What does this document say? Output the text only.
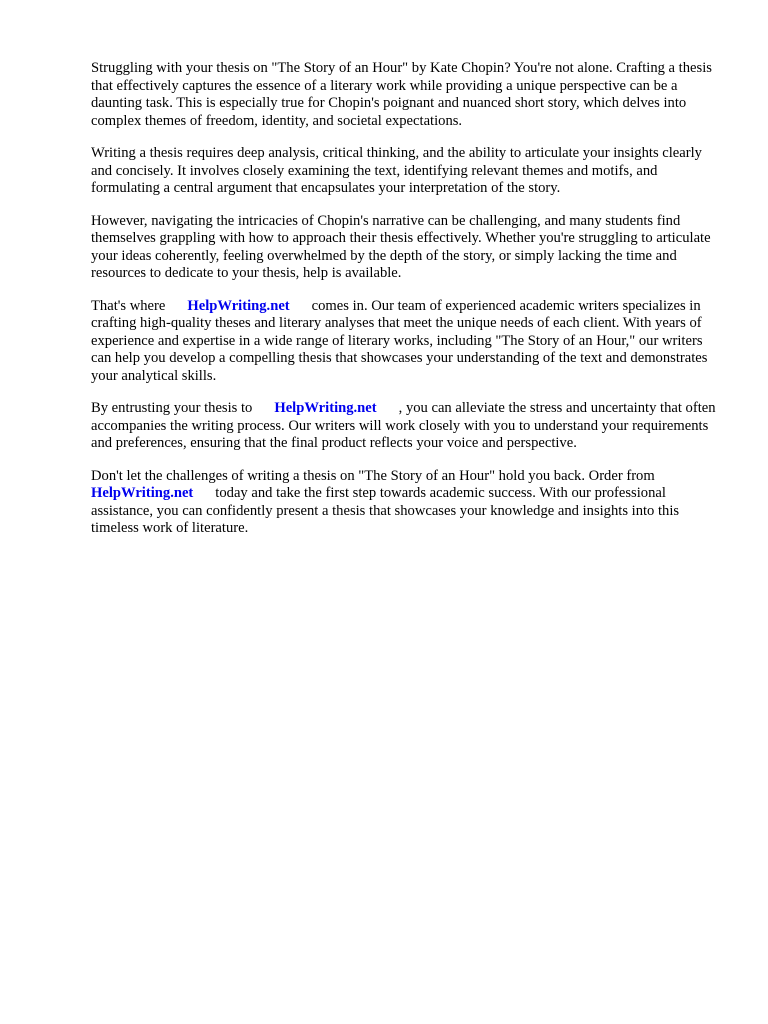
Struggling with your thesis on "The Story of an Hour" by Kate Chopin? You're not alone. Crafting a thesis that effectively captures the essence of a literary work while providing a unique perspective can be a daunting task. This is especially true for Chopin's poignant and nuanced short story, which delves into complex themes of freedom, identity, and societal expectations.

Writing a thesis requires deep analysis, critical thinking, and the ability to articulate your insights clearly and concisely. It involves closely examining the text, identifying relevant themes and motifs, and formulating a central argument that encapsulates your interpretation of the story.

However, navigating the intricacies of Chopin's narrative can be challenging, and many students find themselves grappling with how to approach their thesis effectively. Whether you're struggling to articulate your ideas coherently, feeling overwhelmed by the depth of the story, or simply lacking the time and resources to dedicate to your thesis, help is available.

That's where HelpWriting.net comes in. Our team of experienced academic writers specializes in crafting high-quality theses and literary analyses that meet the unique needs of each client. With years of experience and expertise in a wide range of literary works, including "The Story of an Hour," our writers can help you develop a compelling thesis that showcases your understanding of the text and demonstrates your analytical skills.

By entrusting your thesis to HelpWriting.net , you can alleviate the stress and uncertainty that often accompanies the writing process. Our writers will work closely with you to understand your requirements and preferences, ensuring that the final product reflects your voice and perspective.

Don't let the challenges of writing a thesis on "The Story of an Hour" hold you back. Order from HelpWriting.net today and take the first step towards academic success. With our professional assistance, you can confidently present a thesis that showcases your knowledge and insights into this timeless work of literature.
